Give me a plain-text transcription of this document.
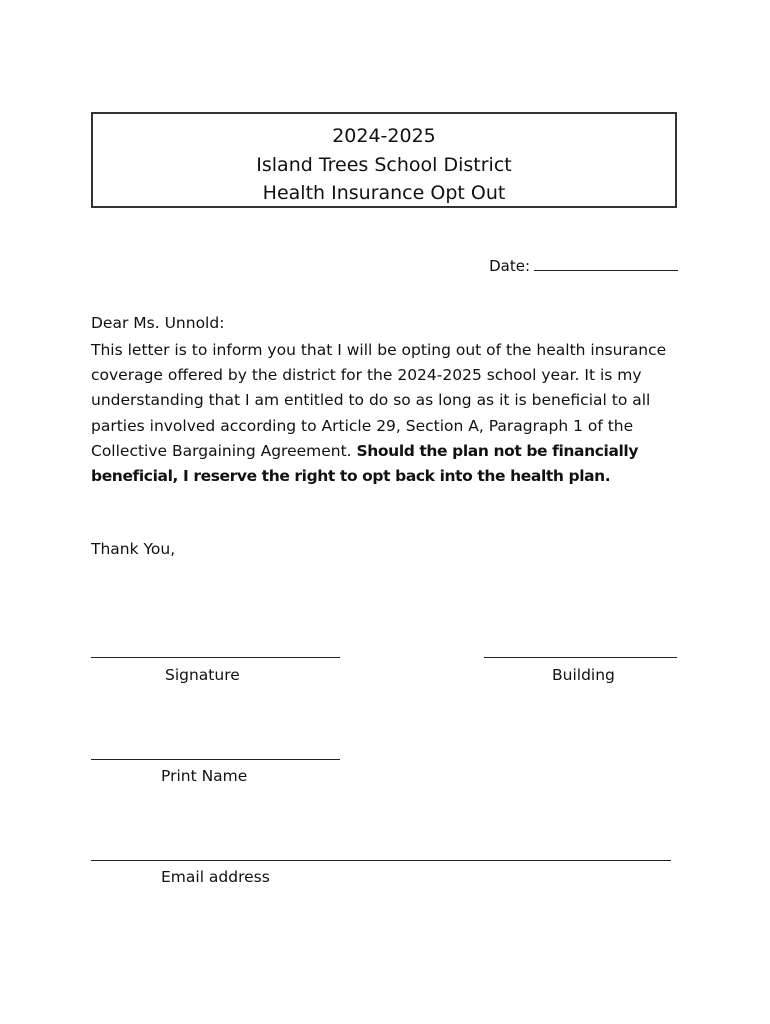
2024-2025
Island Trees School District
Health Insurance Opt Out
Date:
Dear Ms. Unnold:
This letter is to inform you that I will be opting out of the health insurance coverage offered by the district for the 2024-2025 school year. It is my understanding that I am entitled to do so as long as it is beneficial to all parties involved according to Article 29, Section A, Paragraph 1 of the Collective Bargaining Agreement. Should the plan not be financially beneficial, I reserve the right to opt back into the health plan.
Thank You,
Signature	Building
Print Name
Email address
